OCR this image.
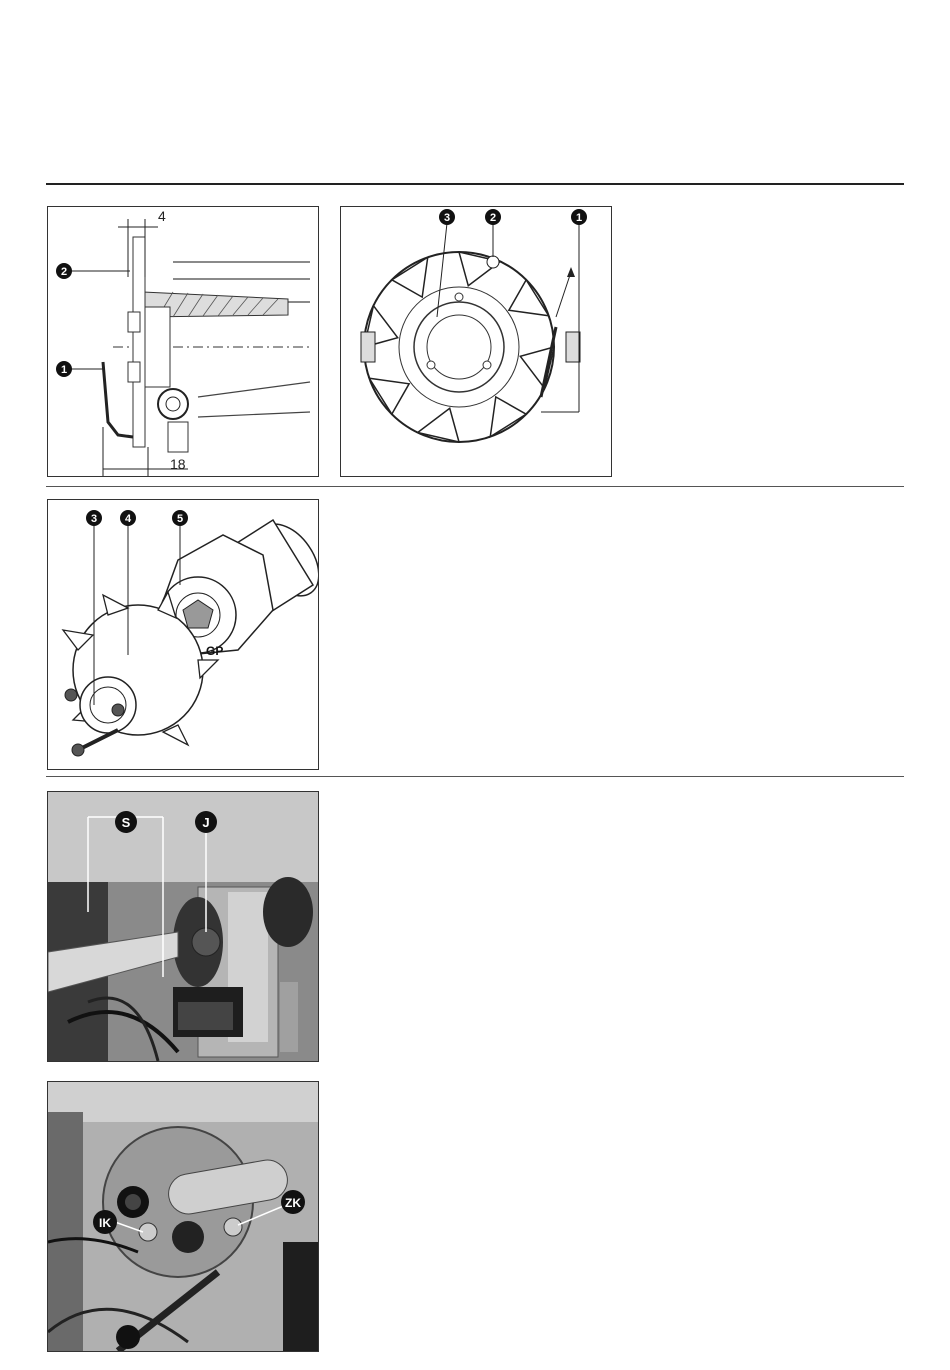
4
18
2
1
3	2	1
GP
3	4	5
S	J
IK
ZK
